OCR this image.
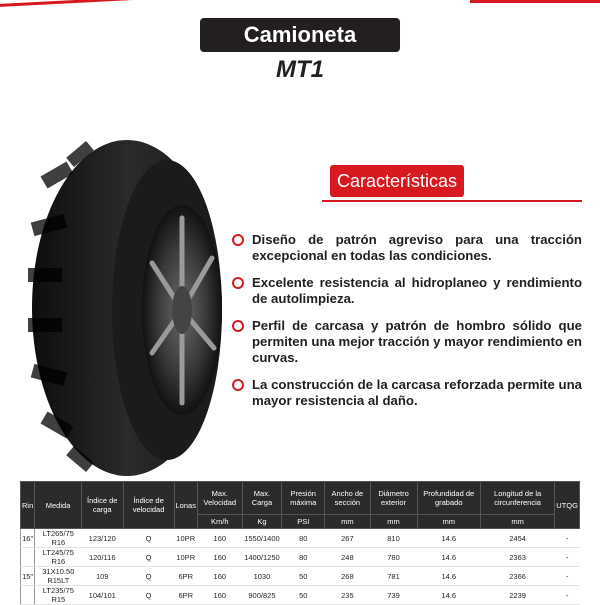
Camioneta
MT1
Características
Diseño de patrón agreviso para una tracción excepcional en todas las condiciones.
Excelente resistencia al hidroplaneo y rendimiento de autolimpieza.
Perfil de carcasa y patrón de hombro sólido que permiten una mejor tracción y mayor rendimiento en curvas.
La construcción de la carcasa reforzada permite una mayor resistencia al daño.
Rin	Medida	Índice de carga	Índice de velocidad	Lonas	Max. Velocidad	Max. Carga	Presión máxima	Ancho de sección	Diámetro exterior	Profundidad de grabado	Longitud de la circunferencia	UTQG
					Km/h	Kg	PSI	mm	mm	mm	mm	
16"	LT265/75 R16	123/120	Q	10PR	160	1550/1400	80	267	810	14.6	2454	-
	LT245/75 R16	120/116	Q	10PR	160	1400/1250	80	248	780	14.6	2363	-
15"	31X10.50 R15LT	109	Q	6PR	160	1030	50	268	781	14.6	2366	-
	LT235/75 R15	104/101	Q	6PR	160	900/825	50	235	739	14.6	2239	-
